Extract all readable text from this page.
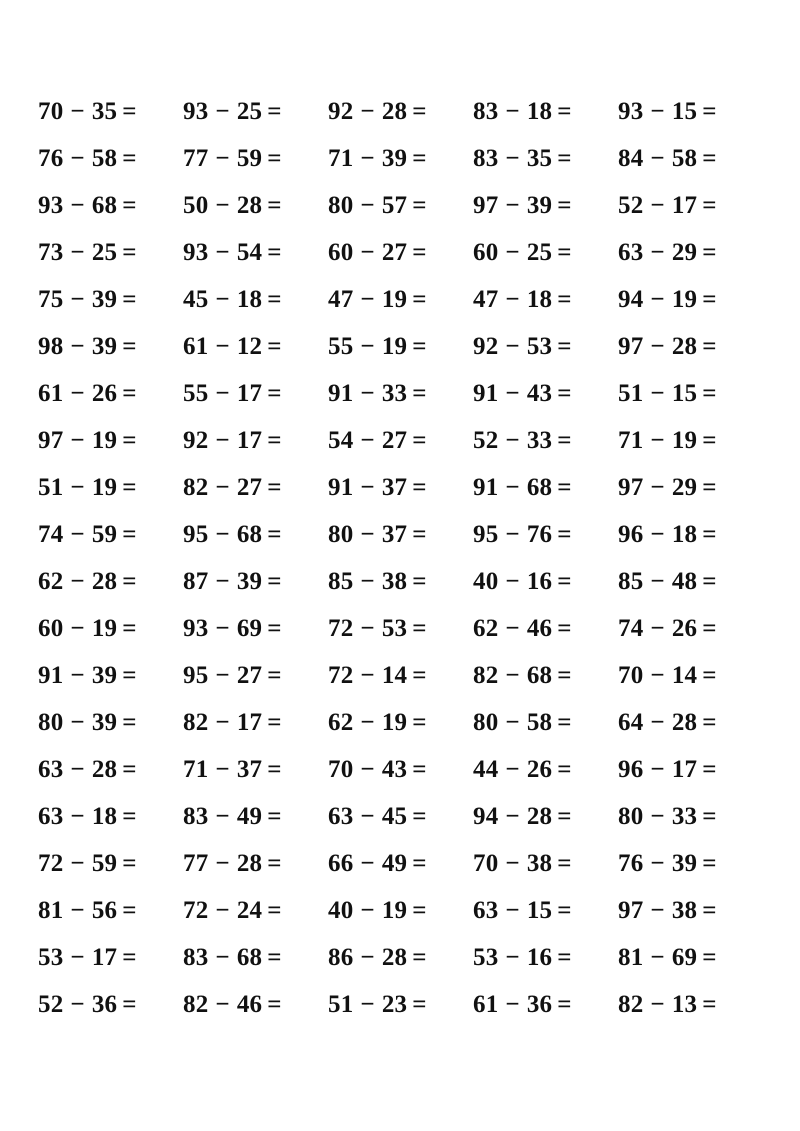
70 − 35 =	93 − 25 =	92 − 28 =	83 − 18 =	93 − 15 =
76 − 58 =	77 − 59 =	71 − 39 =	83 − 35 =	84 − 58 =
93 − 68 =	50 − 28 =	80 − 57 =	97 − 39 =	52 − 17 =
73 − 25 =	93 − 54 =	60 − 27 =	60 − 25 =	63 − 29 =
75 − 39 =	45 − 18 =	47 − 19 =	47 − 18 =	94 − 19 =
98 − 39 =	61 − 12 =	55 − 19 =	92 − 53 =	97 − 28 =
61 − 26 =	55 − 17 =	91 − 33 =	91 − 43 =	51 − 15 =
97 − 19 =	92 − 17 =	54 − 27 =	52 − 33 =	71 − 19 =
51 − 19 =	82 − 27 =	91 − 37 =	91 − 68 =	97 − 29 =
74 − 59 =	95 − 68 =	80 − 37 =	95 − 76 =	96 − 18 =
62 − 28 =	87 − 39 =	85 − 38 =	40 − 16 =	85 − 48 =
60 − 19 =	93 − 69 =	72 − 53 =	62 − 46 =	74 − 26 =
91 − 39 =	95 − 27 =	72 − 14 =	82 − 68 =	70 − 14 =
80 − 39 =	82 − 17 =	62 − 19 =	80 − 58 =	64 − 28 =
63 − 28 =	71 − 37 =	70 − 43 =	44 − 26 =	96 − 17 =
63 − 18 =	83 − 49 =	63 − 45 =	94 − 28 =	80 − 33 =
72 − 59 =	77 − 28 =	66 − 49 =	70 − 38 =	76 − 39 =
81 − 56 =	72 − 24 =	40 − 19 =	63 − 15 =	97 − 38 =
53 − 17 =	83 − 68 =	86 − 28 =	53 − 16 =	81 − 69 =
52 − 36 =	82 − 46 =	51 − 23 =	61 − 36 =	82 − 13 =
